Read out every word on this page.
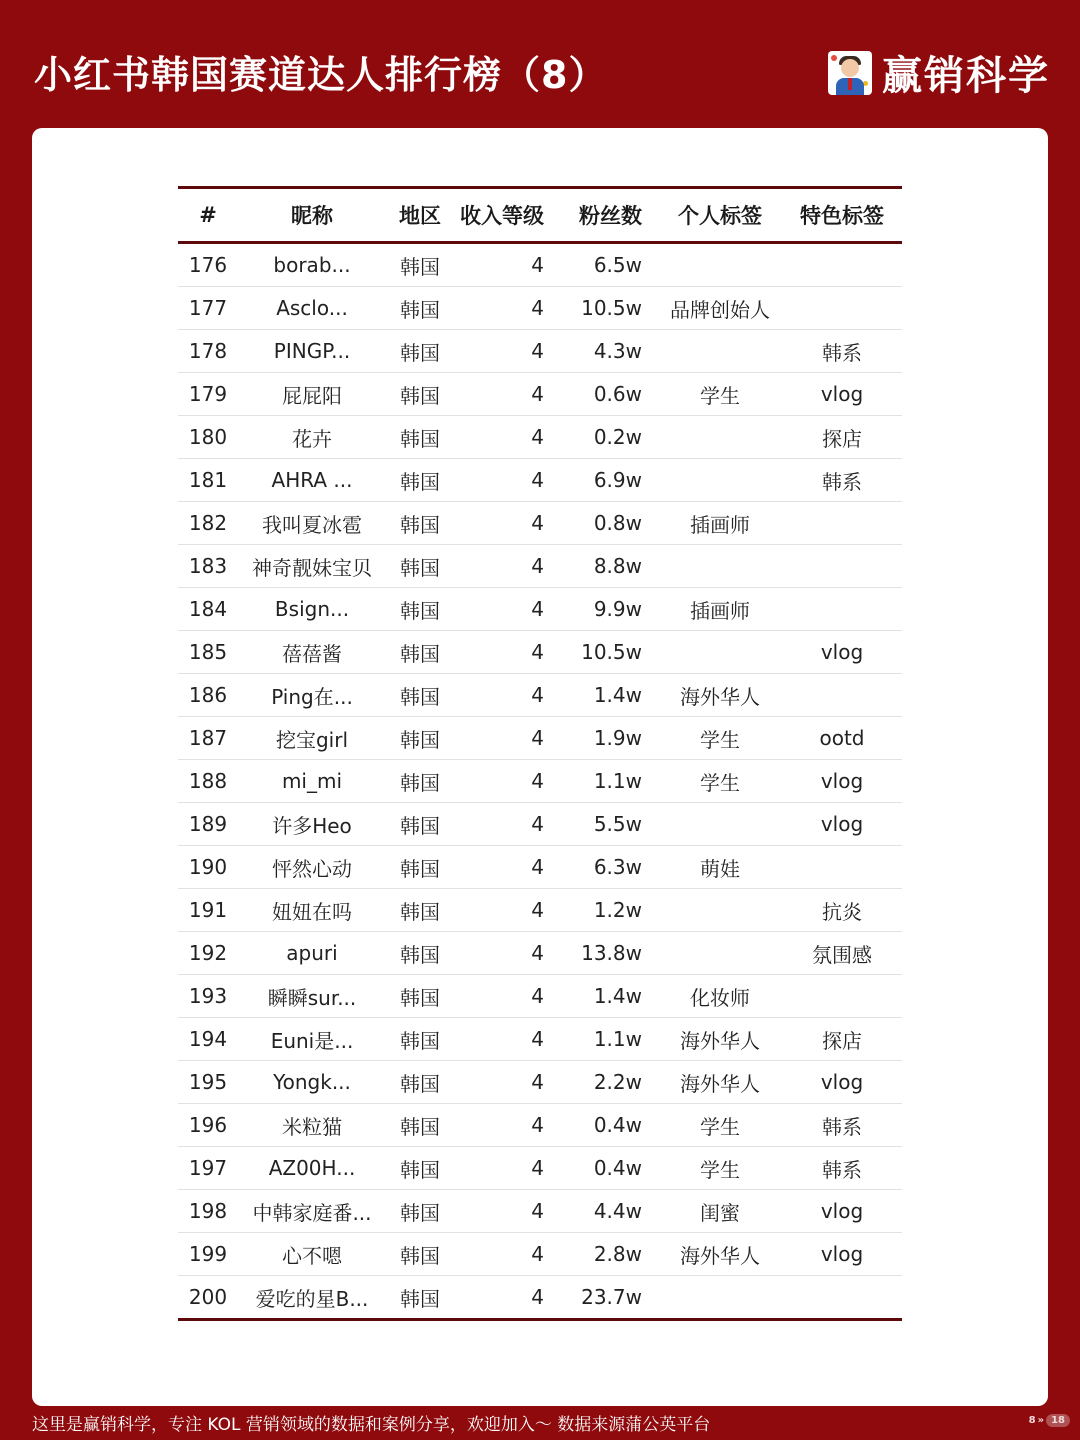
小红书韩国赛道达人排行榜（8）	赢销科学
#	昵称	地区	收入等级	粉丝数	个人标签	特色标签
176	borab...	韩国	4	6.5w		
177	Asclo...	韩国	4	10.5w	品牌创始人	
178	PINGP...	韩国	4	4.3w		韩系
179	屁屁阳	韩国	4	0.6w	学生	vlog
180	花卉	韩国	4	0.2w		探店
181	AHRA ...	韩国	4	6.9w		韩系
182	我叫夏冰雹	韩国	4	0.8w	插画师	
183	神奇靓妹宝贝	韩国	4	8.8w		
184	Bsign...	韩国	4	9.9w	插画师	
185	蓓蓓酱	韩国	4	10.5w		vlog
186	Ping在...	韩国	4	1.4w	海外华人	
187	挖宝girl	韩国	4	1.9w	学生	ootd
188	mi_mi	韩国	4	1.1w	学生	vlog
189	许多Heo	韩国	4	5.5w		vlog
190	怦然心动	韩国	4	6.3w	萌娃	
191	妞妞在吗	韩国	4	1.2w		抗炎
192	apuri	韩国	4	13.8w		氛围感
193	瞬瞬sur...	韩国	4	1.4w	化妆师	
194	Euni是...	韩国	4	1.1w	海外华人	探店
195	Yongk...	韩国	4	2.2w	海外华人	vlog
196	米粒猫	韩国	4	0.4w	学生	韩系
197	AZ00H...	韩国	4	0.4w	学生	韩系
198	中韩家庭番...	韩国	4	4.4w	闺蜜	vlog
199	心不嗯	韩国	4	2.8w	海外华人	vlog
200	爱吃的星B...	韩国	4	23.7w		
这里是赢销科学，专注 KOL 营销领域的数据和案例分享，欢迎加入～ 数据来源蒲公英平台	8 » 18
